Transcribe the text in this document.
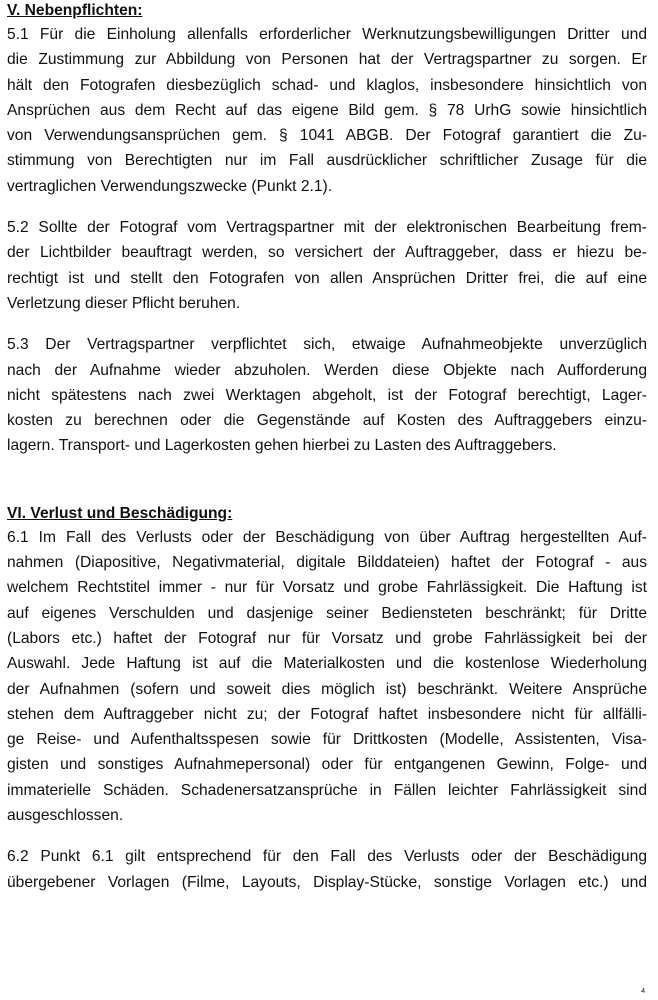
V. Nebenpflichten:
5.1 Für die Einholung allenfalls erforderlicher Werknutzungsbewilligungen Dritter und
die Zustimmung zur Abbildung von Personen hat der Vertragspartner zu sorgen. Er
hält den Fotografen diesbezüglich schad- und klaglos, insbesondere hinsichtlich von
Ansprüchen aus dem Recht auf das eigene Bild gem. § 78 UrhG sowie hinsichtlich
von Verwendungsansprüchen gem. § 1041 ABGB. Der Fotograf garantiert die Zu-
stimmung von Berechtigten nur im Fall ausdrücklicher schriftlicher Zusage für die
vertraglichen Verwendungszwecke (Punkt 2.1).
5.2 Sollte der Fotograf vom Vertragspartner mit der elektronischen Bearbeitung frem-
der Lichtbilder beauftragt werden, so versichert der Auftraggeber, dass er hiezu be-
rechtigt ist und stellt den Fotografen von allen Ansprüchen Dritter frei, die auf eine
Verletzung dieser Pflicht beruhen.
5.3 Der Vertragspartner verpflichtet sich, etwaige Aufnahmeobjekte unverzüglich
nach der Aufnahme wieder abzuholen. Werden diese Objekte nach Aufforderung
nicht spätestens nach zwei Werktagen abgeholt, ist der Fotograf berechtigt, Lager-
kosten zu berechnen oder die Gegenstände auf Kosten des Auftraggebers einzu-
lagern. Transport- und Lagerkosten gehen hierbei zu Lasten des Auftraggebers.
VI. Verlust und Beschädigung:
6.1 Im Fall des Verlusts oder der Beschädigung von über Auftrag hergestellten Auf-
nahmen (Diapositive, Negativmaterial, digitale Bilddateien) haftet der Fotograf - aus
welchem Rechtstitel immer - nur für Vorsatz und grobe Fahrlässigkeit. Die Haftung ist
auf eigenes Verschulden und dasjenige seiner Bediensteten beschränkt; für Dritte
(Labors etc.) haftet der Fotograf nur für Vorsatz und grobe Fahrlässigkeit bei der
Auswahl. Jede Haftung ist auf die Materialkosten und die kostenlose Wiederholung
der Aufnahmen (sofern und soweit dies möglich ist) beschränkt. Weitere Ansprüche
stehen dem Auftraggeber nicht zu; der Fotograf haftet insbesondere nicht für allfälli-
ge Reise- und Aufenthaltsspesen sowie für Drittkosten (Modelle, Assistenten, Visa-
gisten und sonstiges Aufnahmepersonal) oder für entgangenen Gewinn, Folge- und
immaterielle Schäden. Schadenersatzansprüche in Fällen leichter Fahrlässigkeit sind
ausgeschlossen.
6.2 Punkt 6.1 gilt entsprechend für den Fall des Verlusts oder der Beschädigung
übergebener Vorlagen (Filme, Layouts, Display-Stücke, sonstige Vorlagen etc.) und
4
